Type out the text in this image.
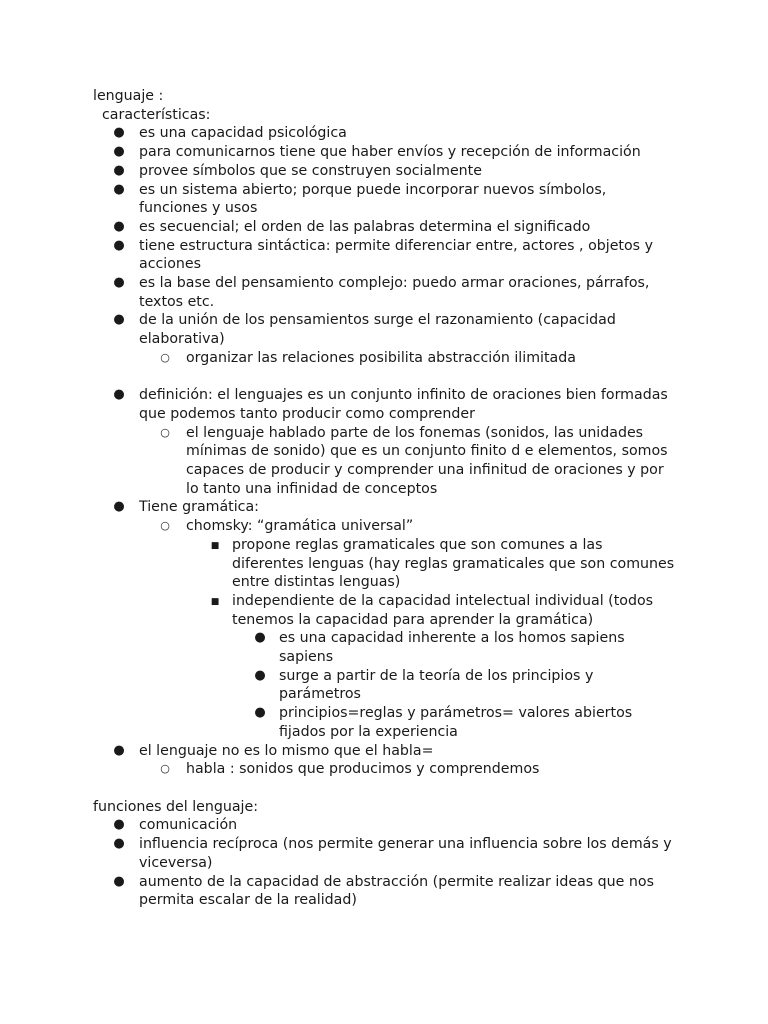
lenguaje :

características:

● es una capacidad psicológica

● para comunicarnos tiene que haber envíos y recepción de información

● provee símbolos que se construyen socialmente

● es un sistema abierto; porque puede incorporar nuevos símbolos,

funciones y usos

● es secuencial; el orden de las palabras determina el significado

● tiene estructura sintáctica: permite diferenciar entre, actores , objetos y

acciones

● es la base del pensamiento complejo: puedo armar oraciones, párrafos,

textos etc.

● de la unión de los pensamientos surge el razonamiento (capacidad

elaborativa)

○ organizar las relaciones posibilita abstracción ilimitada

● definición: el lenguajes es un conjunto infinito de oraciones bien formadas

que podemos tanto producir como comprender

○ el lenguaje hablado parte de los fonemas (sonidos, las unidades

mínimas de sonido) que es un conjunto finito d e elementos, somos

capaces de producir y comprender una infinitud de oraciones y por

lo tanto una infinidad de conceptos

● Tiene gramática:

○ chomsky: “gramática universal”

■ propone reglas gramaticales que son comunes a las

diferentes lenguas (hay reglas gramaticales que son comunes

entre distintas lenguas)

■ independiente de la capacidad intelectual individual (todos

tenemos la capacidad para aprender la gramática)

● es una capacidad inherente a los homos sapiens

sapiens

● surge a partir de la teoría de los principios y

parámetros

● principios=reglas y parámetros= valores abiertos

fijados por la experiencia

● el lenguaje no es lo mismo que el habla=

○ habla : sonidos que producimos y comprendemos

funciones del lenguaje:

● comunicación

● influencia recíproca (nos permite generar una influencia sobre los demás y

viceversa)

● aumento de la capacidad de abstracción (permite realizar ideas que nos

permita escalar de la realidad)
